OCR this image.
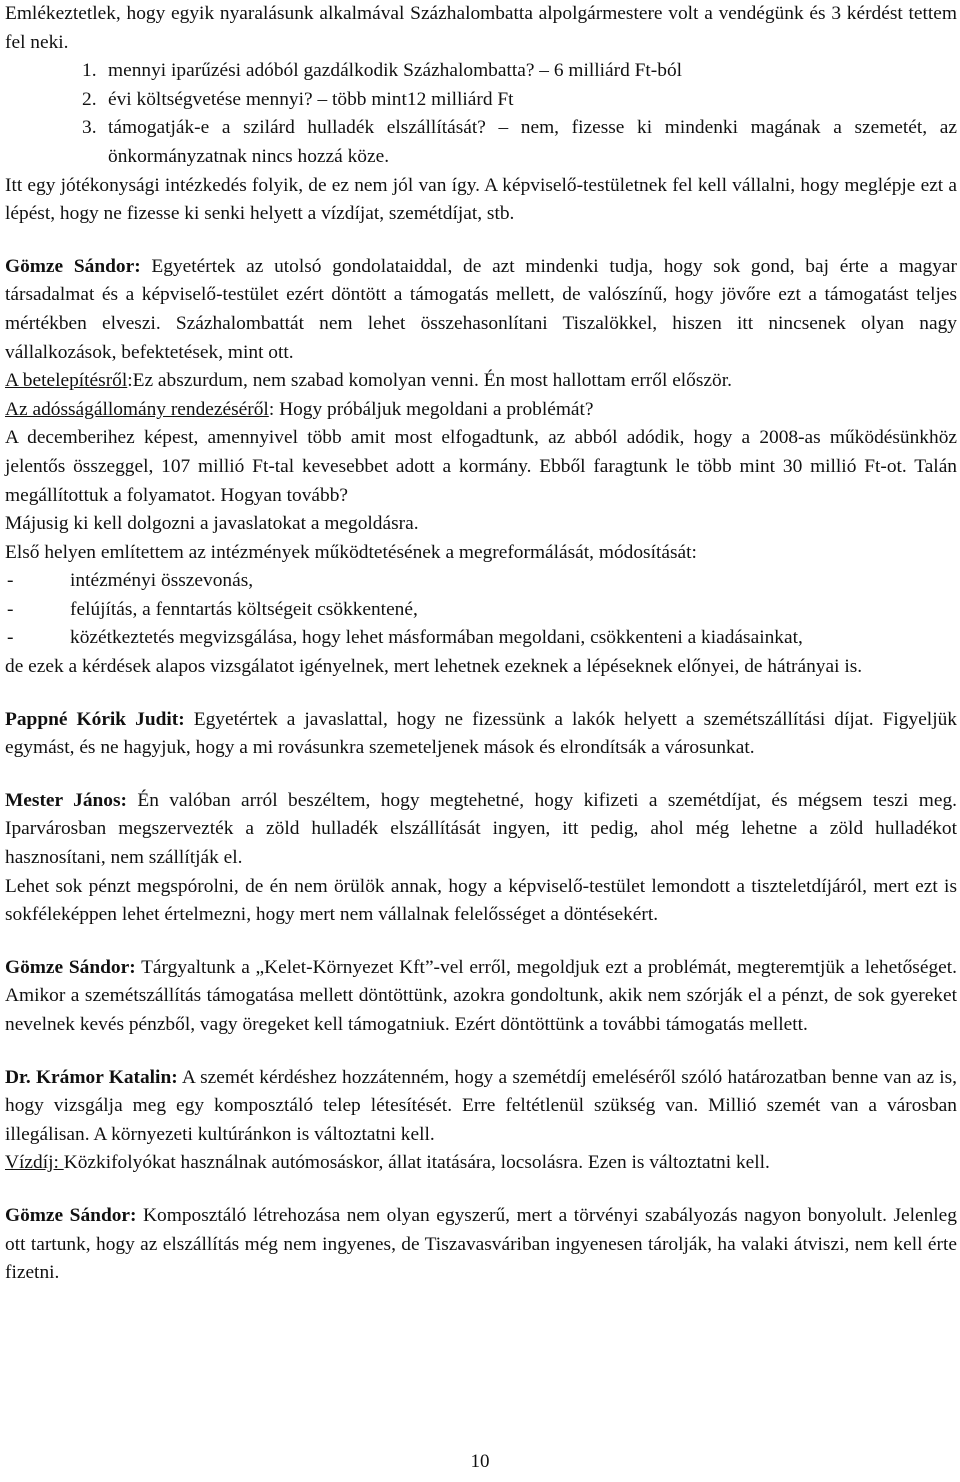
Emlékeztetlek, hogy egyik nyaralásunk alkalmával Százhalombatta alpolgármestere volt a vendégünk és 3 kérdést tettem fel neki.

1. mennyi iparűzési adóból gazdálkodik Százhalombatta? – 6 milliárd Ft-ból
2. évi költségvetése mennyi? – több mint12 milliárd Ft
3. támogatják-e a szilárd hulladék elszállítását? – nem, fizesse ki mindenki magának a szemetét, az önkormányzatnak nincs hozzá köze.

Itt egy jótékonysági intézkedés folyik, de ez nem jól van így. A képviselő-testületnek fel kell vállalni, hogy meglépje ezt a lépést, hogy ne fizesse ki senki helyett a vízdíjat, szemétdíjat, stb.

Gömze Sándor: Egyetértek az utolsó gondolataiddal, de azt mindenki tudja, hogy sok gond, baj érte a magyar társadalmat és a képviselő-testület ezért döntött a támogatás mellett, de valószínű, hogy jövőre ezt a támogatást teljes mértékben elveszi. Százhalombattát nem lehet összehasonlítani Tiszalökkel, hiszen itt nincsenek olyan nagy vállalkozások, befektetések, mint ott.

A betelepítésről:Ez abszurdum, nem szabad komolyan venni. Én most hallottam erről először.

Az adósságállomány rendezéséről: Hogy próbáljuk megoldani a problémát?

A decemberihez képest, amennyivel több amit most elfogadtunk, az abból adódik, hogy a 2008-as működésünkhöz jelentős összeggel, 107 millió Ft-tal kevesebbet adott a kormány. Ebből faragtunk le több mint 30 millió Ft-ot. Talán megállítottuk a folyamatot. Hogyan tovább?

Májusig ki kell dolgozni a javaslatokat a megoldásra.

Első helyen említettem az intézmények működtetésének a megreformálását, módosítását:

-	intézményi összevonás,
-	felújítás, a fenntartás költségeit csökkentené,
-	közétkeztetés megvizsgálása, hogy lehet másformában megoldani, csökkenteni a kiadásainkat,

de ezek a kérdések alapos vizsgálatot igényelnek, mert lehetnek ezeknek a lépéseknek előnyei, de hátrányai is.

Pappné Kórik Judit: Egyetértek a javaslattal, hogy ne fizessünk a lakók helyett a szemétszállítási díjat. Figyeljük egymást, és ne hagyjuk, hogy a mi rovásunkra szemeteljenek mások és elrondítsák a városunkat.

Mester János: Én valóban arról beszéltem, hogy megtehetné, hogy kifizeti a szemétdíjat, és mégsem teszi meg. Iparvárosban megszervezték a zöld hulladék elszállítását ingyen, itt pedig, ahol még lehetne a zöld hulladékot hasznosítani, nem szállítják el.

Lehet sok pénzt megspórolni, de én nem örülök annak, hogy a képviselő-testület lemondott a tiszteletdíjáról, mert ezt is sokféleképpen lehet értelmezni, hogy mert nem vállalnak felelősséget a döntésekért.

Gömze Sándor: Tárgyaltunk a „Kelet-Környezet Kft”-vel erről, megoldjuk ezt a problémát, megteremtjük a lehetőséget. Amikor a szemétszállítás támogatása mellett döntöttünk, azokra gondoltunk, akik nem szórják el a pénzt, de sok gyereket nevelnek kevés pénzből, vagy öregeket kell támogatniuk. Ezért döntöttünk a további támogatás mellett.

Dr. Krámor Katalin: A szemét kérdéshez hozzátenném, hogy a szemétdíj emeléséről szóló határozatban benne van az is, hogy vizsgálja meg egy komposztáló telep létesítését. Erre feltétlenül szükség van. Millió szemét van a városban illegálisan. A környezeti kultúránkon is változtatni kell.

Vízdíj: Közkifolyókat használnak autómosáskor, állat itatására, locsolásra. Ezen is változtatni kell.

Gömze Sándor: Komposztáló létrehozása nem olyan egyszerű, mert a törvényi szabályozás nagyon bonyolult. Jelenleg ott tartunk, hogy az elszállítás még nem ingyenes, de Tiszavasváriban ingyenesen tárolják, ha valaki átviszi, nem kell érte fizetni.

10
